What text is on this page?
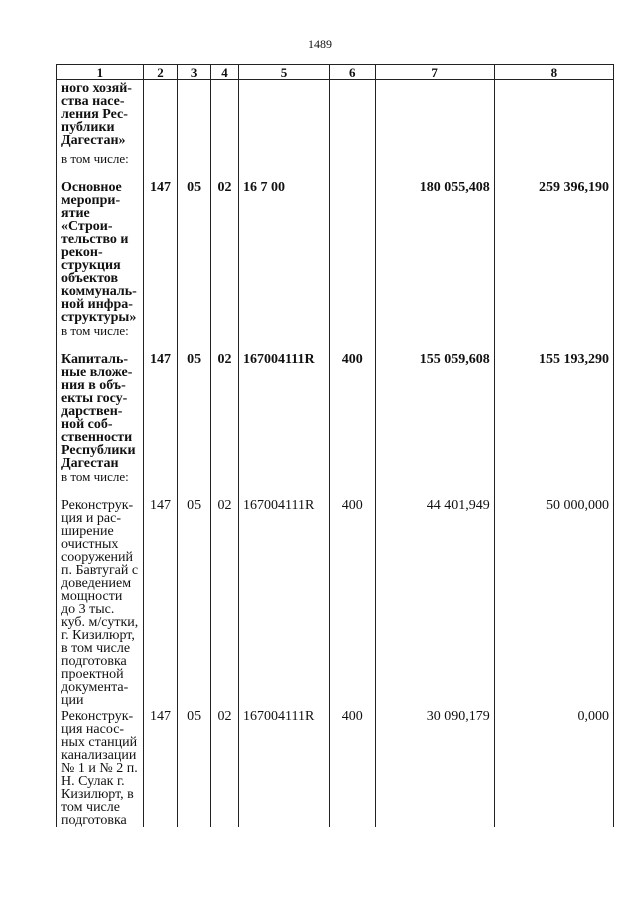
1489
1	2	3	4	5	6	7	8
ного хозяй-ства насе-ления Рес-публики Дагестан»							
в том числе:							
Основное меропри-ятие «Строи-тельство и рекон-струкция объектов коммуналь-ной инфра-структуры»	147	05	02	16 7 00		180 055,408	259 396,190
в том числе:							
Капиталь-ные вложе-ния в объ-екты госу-дарствен-ной соб-ственности Республики Дагестан	147	05	02	167004111R	400	155 059,608	155 193,290
в том числе:							
Реконструк-ция и рас-ширение очистных сооружений п. Бавтугай с доведением мощности до 3 тыс. куб. м/сутки, г. Кизилюрт, в том числе подготовка проектной документа-ции	147	05	02	167004111R	400	44 401,949	50 000,000
Реконструк-ция насос-ных станций канализации № 1 и № 2 п. Н. Сулак г. Кизилюрт, в том числе подготовка	147	05	02	167004111R	400	30 090,179	0,000
